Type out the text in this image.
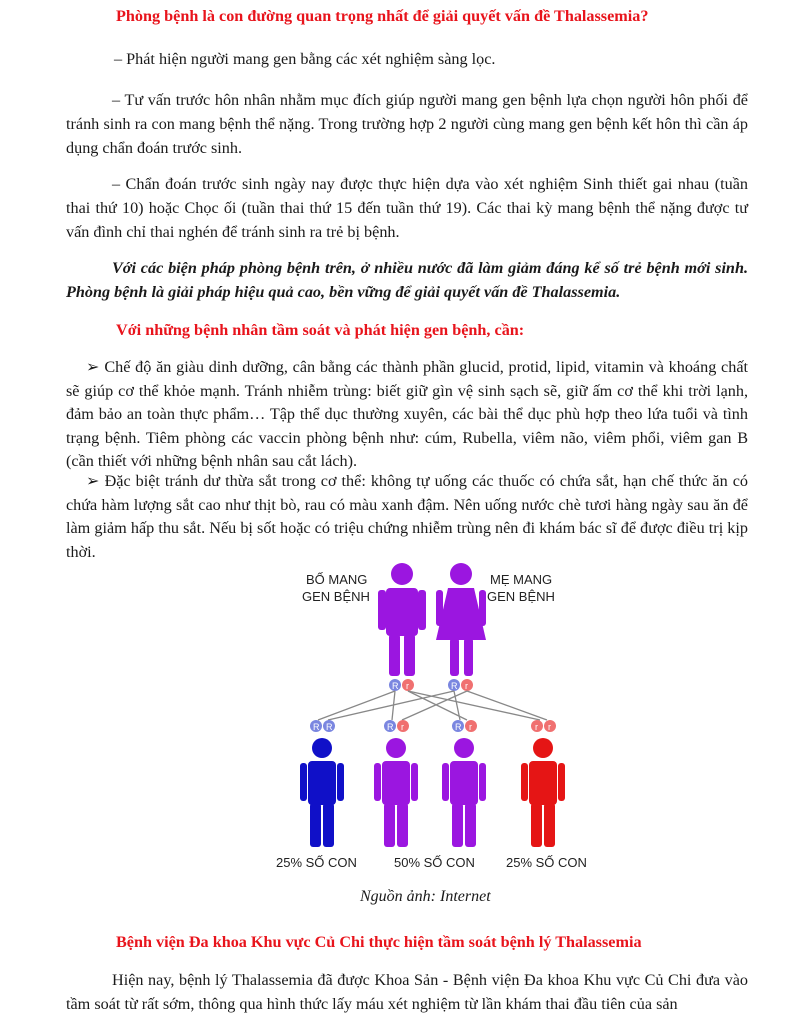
Phòng bệnh là con đường quan trọng nhất để giải quyết vấn đề Thalassemia?

– Phát hiện người mang gen bằng các xét nghiệm sàng lọc.

– Tư vấn trước hôn nhân nhằm mục đích giúp người mang gen bệnh lựa chọn người hôn phối để tránh sinh ra con mang bệnh thể nặng. Trong trường hợp 2 người cùng mang gen bệnh kết hôn thì cần áp dụng chẩn đoán trước sinh.

– Chẩn đoán trước sinh ngày nay được thực hiện dựa vào xét nghiệm Sinh thiết gai nhau (tuần thai thứ 10) hoặc Chọc ối (tuần thai thứ 15 đến tuần thứ 19). Các thai kỳ mang bệnh thể nặng được tư vấn đình chỉ thai nghén để tránh sinh ra trẻ bị bệnh.

Với các biện pháp phòng bệnh trên, ở nhiều nước đã làm giảm đáng kể số trẻ bệnh mới sinh. Phòng bệnh là giải pháp hiệu quả cao, bền vững để giải quyết vấn đề Thalassemia.

Với những bệnh nhân tầm soát và phát hiện gen bệnh, cần:

➢ Chế độ ăn giàu dinh dưỡng, cân bằng các thành phần glucid, protid, lipid, vitamin và khoáng chất sẽ giúp cơ thể khỏe mạnh. Tránh nhiễm trùng: biết giữ gìn vệ sinh sạch sẽ, giữ ấm cơ thể khi trời lạnh, đảm bảo an toàn thực phẩm… Tập thể dục thường xuyên, các bài thể dục phù hợp theo lứa tuổi và tình trạng bệnh. Tiêm phòng các vaccin phòng bệnh như: cúm, Rubella, viêm não, viêm phổi, viêm gan B (cần thiết với những bệnh nhân sau cắt lách).

➢ Đặc biệt tránh dư thừa sắt trong cơ thể: không tự uống các thuốc có chứa sắt, hạn chế thức ăn có chứa hàm lượng sắt cao như thịt bò, rau có màu xanh đậm. Nên uống nước chè tươi hàng ngày sau ăn để làm giảm hấp thu sắt. Nếu bị sốt hoặc có triệu chứng nhiễm trùng nên đi khám bác sĩ để được điều trị kịp thời.

Nguồn ảnh: Internet
Bệnh viện Đa khoa Khu vực Củ Chi thực hiện tầm soát bệnh lý Thalassemia

Hiện nay, bệnh lý Thalassemia đã được Khoa Sản - Bệnh viện Đa khoa Khu vực Củ Chi đưa vào tầm soát từ rất sớm, thông qua hình thức lấy máu xét nghiệm từ lần khám thai đầu tiên của sản

BỐ MANG
GEN BỆNH
MẸ MANG
GEN BỆNH
R r	R r
R R	R r	R r	r r
25% SỐ CON	50% SỐ CON 25% SỐ CON
